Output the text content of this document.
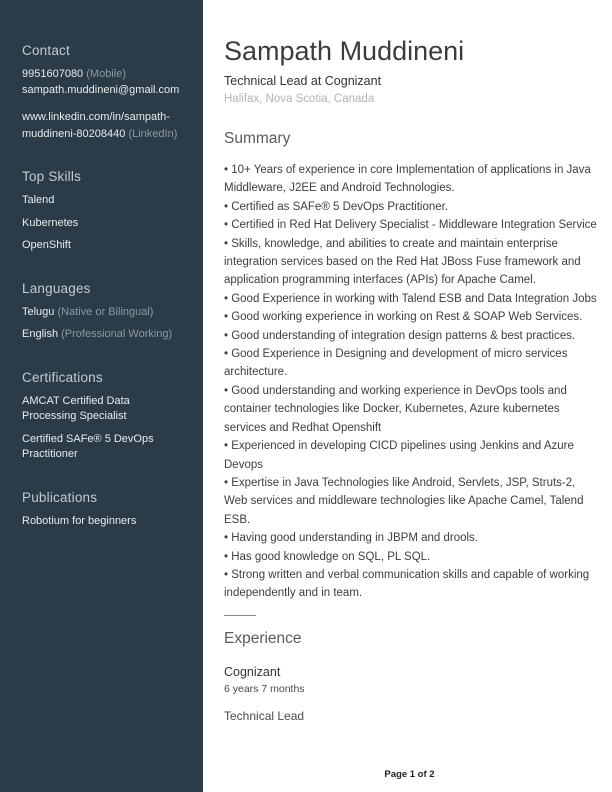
Contact
9951607080 (Mobile)
sampath.muddineni@gmail.com
www.linkedin.com/in/sampath-muddineni-80208440 (LinkedIn)
Top Skills
Talend
Kubernetes
OpenShift
Languages
Telugu (Native or Bilingual)
English (Professional Working)
Certifications
AMCAT Certified Data Processing Specialist
Certified SAFe® 5 DevOps Practitioner
Publications
Robotium for beginners
Sampath Muddineni
Technical Lead at Cognizant
Halifax, Nova Scotia, Canada
Summary

• 10+ Years of experience in core Implementation of applications in Java Middleware, J2EE and Android Technologies.

• Certified as SAFe® 5 DevOps Practitioner.

• Certified in Red Hat Delivery Specialist - Middleware Integration Service

• Skills, knowledge, and abilities to create and maintain enterprise integration services based on the Red Hat JBoss Fuse framework and application programming interfaces (APIs) for Apache Camel.

• Good Experience in working with Talend ESB and Data Integration Jobs

• Good working experience in working on Rest & SOAP Web Services.

• Good understanding of integration design patterns & best practices.

• Good Experience in Designing and development of micro services architecture.

• Good understanding and working experience in DevOps tools and container technologies like Docker, Kubernetes, Azure kubernetes services and Redhat Openshift

• Experienced in developing CICD pipelines using Jenkins and Azure Devops

• Expertise in Java Technologies like Android, Servlets, JSP, Struts-2, Web services and middleware technologies like Apache Camel, Talend ESB.

• Having good understanding in JBPM and drools.

• Has good knowledge on SQL, PL SQL.

• Strong written and verbal communication skills and capable of working independently and in team.

Experience
Cognizant
6 years 7 months
Technical Lead
Page 1 of 2
